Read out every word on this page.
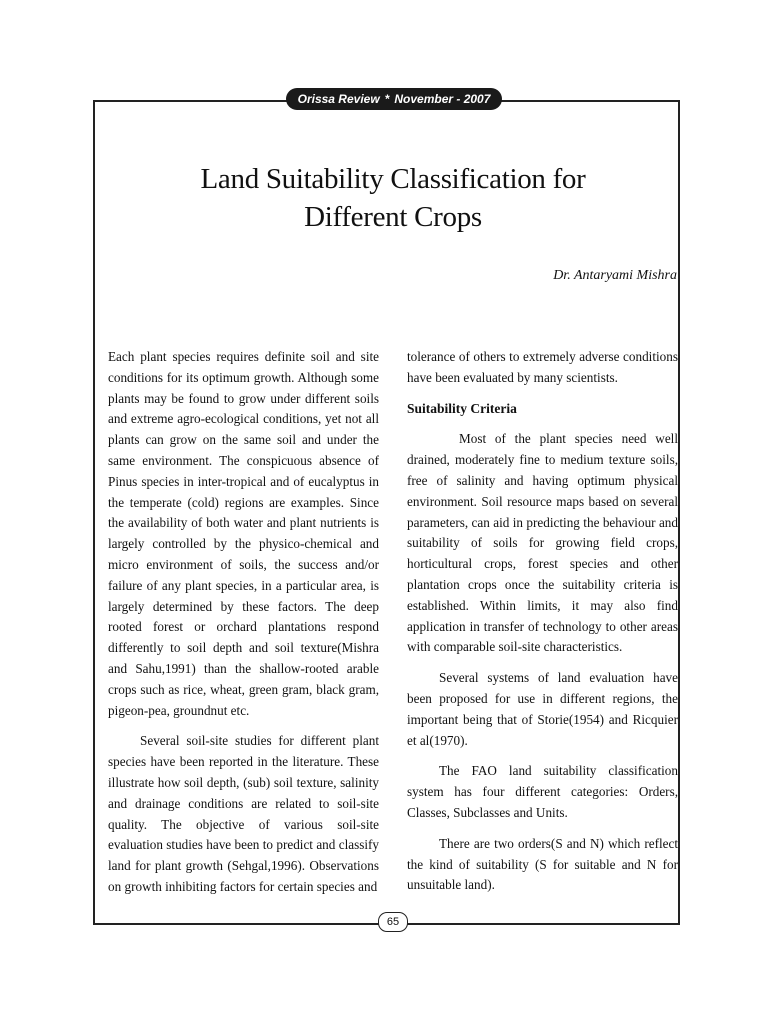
Orissa Review * November - 2007
Land Suitability Classification for
Different Crops
Dr. Antaryami Mishra

Each plant species requires definite soil and site conditions for its optimum growth. Although some plants may be found to grow under different soils and extreme agro-ecological conditions, yet not all plants can grow on the same soil and under the same environment. The conspicuous absence of Pinus species in inter-tropical and of eucalyptus in the temperate (cold) regions are examples. Since the availability of both water and plant nutrients is largely controlled by the physico-chemical and micro environment of soils, the success and/or failure of any plant species, in a particular area, is largely determined by these factors. The deep rooted forest or orchard plantations respond differently to soil depth and soil texture(Mishra and Sahu,1991) than the shallow-rooted arable crops such as rice, wheat, green gram, black gram, pigeon-pea, groundnut etc.

Several soil-site studies for different plant species have been reported in the literature. These illustrate how soil depth, (sub) soil texture, salinity and drainage conditions are related to soil-site quality. The objective of various soil-site evaluation studies have been to predict and classify land for plant growth (Sehgal,1996). Observations on growth inhibiting factors for certain species and

tolerance of others to extremely adverse conditions have been evaluated by many scientists.

Suitability Criteria

Most of the plant species need well drained, moderately fine to medium texture soils, free of salinity and having optimum physical environment. Soil resource maps based on several parameters, can aid in predicting the behaviour and suitability of soils for growing field crops, horticultural crops, forest species and other plantation crops once the suitability criteria is established. Within limits, it may also find application in transfer of technology to other areas with comparable soil-site characteristics.

Several systems of land evaluation have been proposed for use in different regions, the important being that of Storie(1954) and Ricquier et al(1970).

The FAO land suitability classification system has four different categories: Orders, Classes, Subclasses and Units.

There are two orders(S and N) which reflect the kind of suitability (S for suitable and N for unsuitable land).

65
